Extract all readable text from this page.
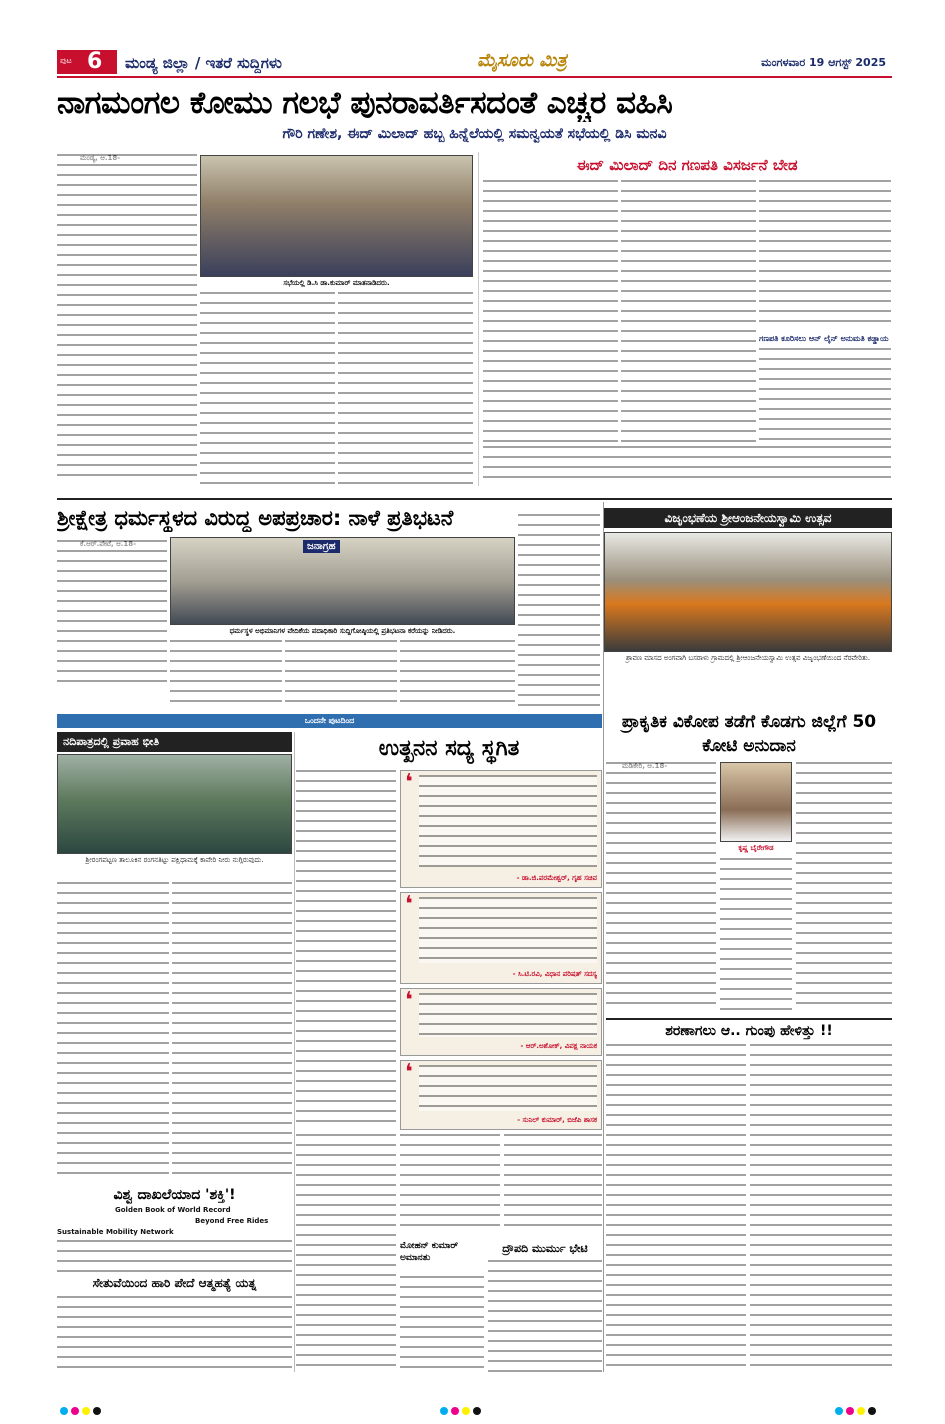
ಪುಟ 6 ಮಂಡ್ಯ ಜಿಲ್ಲಾ / ಇತರೆ ಸುದ್ದಿಗಳು	ಮೈಸೂರು ಮಿತ್ರ	ಮಂಗಳವಾರ 19 ಆಗಸ್ಟ್ 2025
ನಾಗಮಂಗಲ ಕೋಮು ಗಲಭೆ ಪುನರಾವರ್ತಿಸದಂತೆ ಎಚ್ಚರ ವಹಿಸಿ
ಗೌರಿ ಗಣೇಶ, ಈದ್ ಮಿಲಾದ್ ಹಬ್ಬ ಹಿನ್ನೆಲೆಯಲ್ಲಿ ಸಮನ್ವಯತೆ ಸಭೆಯಲ್ಲಿ ಡಿಸಿ ಮನವಿ
ಸಭೆಯಲ್ಲಿ ಡಿ.ಸಿ ಡಾ.ಕುಮಾರ್ ಮಾತನಾಡಿದರು.
ಈದ್ ಮಿಲಾದ್ ದಿನ ಗಣಪತಿ ವಿಸರ್ಜನೆ ಬೇಡ
ಗಣಪತಿ ಕೂರಿಸಲು ಆನ್ ಲೈನ್ ಅನುಮತಿ ಕಡ್ಡಾಯ
ಶ್ರೀಕ್ಷೇತ್ರ ಧರ್ಮಸ್ಥಳದ ವಿರುದ್ಧ ಅಪಪ್ರಚಾರ: ನಾಳೆ ಪ್ರತಿಭಟನೆ
ಜನಾಗ್ರಹ
ಧರ್ಮಸ್ಥಳ ಅಭಿಮಾನಿಗಳ ವೇದಿಕೆಯ ಪದಾಧಿಕಾರಿ ಸುದ್ದಿಗೋಷ್ಠಿಯಲ್ಲಿ ಪ್ರತಿಭಟನಾ ಕರೆಯನ್ನು ನೀಡಿದರು.
ವಿಜೃಂಭಣೆಯ ಶ್ರೀಆಂಜನೇಯಸ್ವಾಮಿ ಉತ್ಸವ
ಶ್ರಾವಣ ಮಾಸದ ಅಂಗವಾಗಿ ಬಸರಾಳು ಗ್ರಾಮದಲ್ಲಿ ಶ್ರೀಆಂಜನೇಯಸ್ವಾಮಿ ಉತ್ಸವ ವಿಜೃಂಭಣೆಯಿಂದ ನೆರವೇರಿತು.
ಒಂದನೇ ಪುಟದಿಂದ
ನದಿಪಾತ್ರದಲ್ಲಿ ಪ್ರವಾಹ ಭೀತಿ
ಶ್ರೀರಂಗಪಟ್ಟಣ ತಾಲೂಕಿನ ರಂಗನತಿಟ್ಟು ಪಕ್ಷಿಧಾಮಕ್ಕೆ ಕಾವೇರಿ ನೀರು ನುಗ್ಗಿರುವುದು.
ವಿಶ್ವ ದಾಖಲೆಯಾದ 'ಶಕ್ತಿ'!
Golden Book of World Record
Beyond Free Rides
Sustainable Mobility Network
ಸೇತುವೆಯಿಂದ ಹಾರಿ ಪೇದೆ ಆತ್ಮಹತ್ಯೆ ಯತ್ನ
ಉತ್ಖನನ ಸದ್ಯ ಸ್ಥಗಿತ
❛
- ಡಾ.ಜಿ.ಪರಮೇಶ್ವರ್, ಗೃಹ ಸಚಿವ
❛
- ಸಿ.ಟಿ.ರವಿ, ವಿಧಾನ ಪರಿಷತ್ ಸದಸ್ಯ
❛
- ಆರ್.ಅಶೋಕ್, ವಿಪಕ್ಷ ನಾಯಕ
❛
- ಸುನಿಲ್ ಕುಮಾರ್, ಬಿಜೆಪಿ ಶಾಸಕ
ಮೋಹನ್ ಕುಮಾರ್ ಅಮಾನತು
ದ್ರೌಪದಿ ಮುರ್ಮು ಭೇಟಿ
ಪ್ರಾಕೃತಿಕ ವಿಕೋಪ ತಡೆಗೆ ಕೊಡಗು ಜಿಲ್ಲೆಗೆ 50 ಕೋಟಿ ಅನುದಾನ
ಕೃಷ್ಣ ಬೈರೇಗೌಡ
ಶರಣಾಗಲು ಆ.. ಗುಂಪು ಹೇಳಿತ್ತು !!
